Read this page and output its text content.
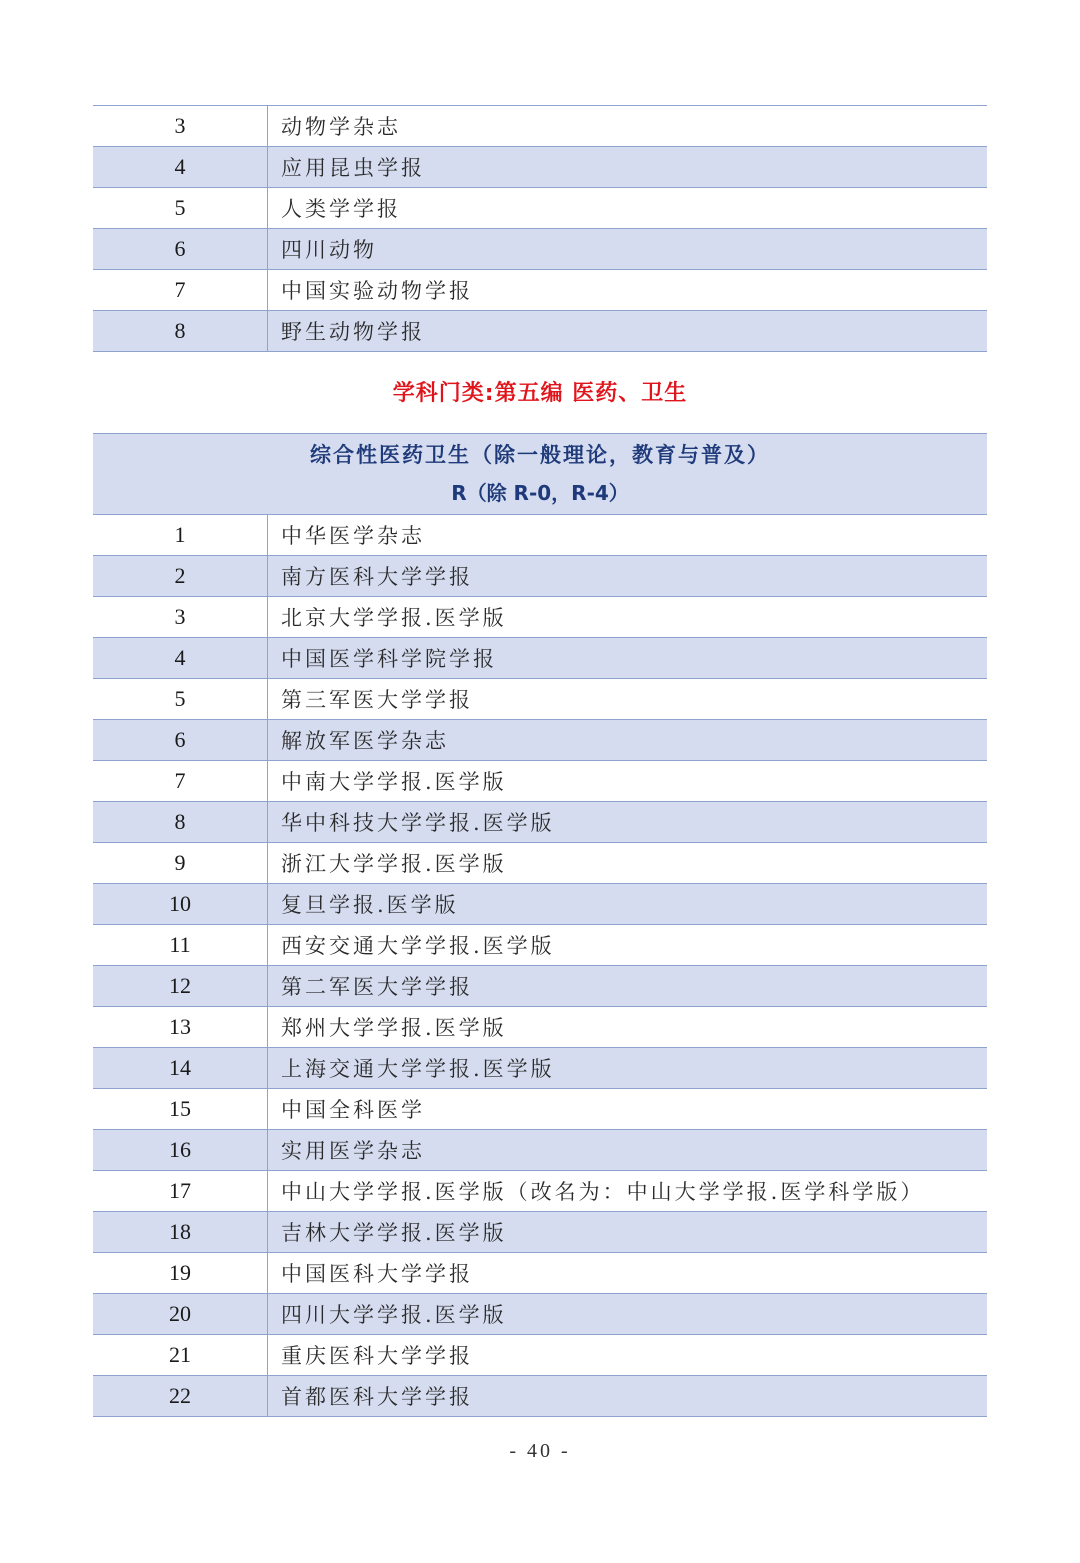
3	动物学杂志
4	应用昆虫学报
5	人类学学报
6	四川动物
7	中国实验动物学报
8	野生动物学报
学科门类:第五编 医药、卫生
综合性医药卫生（除一般理论，教育与普及）
R（除 R-0，R-4）
1	中华医学杂志
2	南方医科大学学报
3	北京大学学报.医学版
4	中国医学科学院学报
5	第三军医大学学报
6	解放军医学杂志
7	中南大学学报.医学版
8	华中科技大学学报.医学版
9	浙江大学学报.医学版
10	复旦学报.医学版
11	西安交通大学学报.医学版
12	第二军医大学学报
13	郑州大学学报.医学版
14	上海交通大学学报.医学版
15	中国全科医学
16	实用医学杂志
17	中山大学学报.医学版（改名为：中山大学学报.医学科学版）
18	吉林大学学报.医学版
19	中国医科大学学报
20	四川大学学报.医学版
21	重庆医科大学学报
22	首都医科大学学报
- 40 -
